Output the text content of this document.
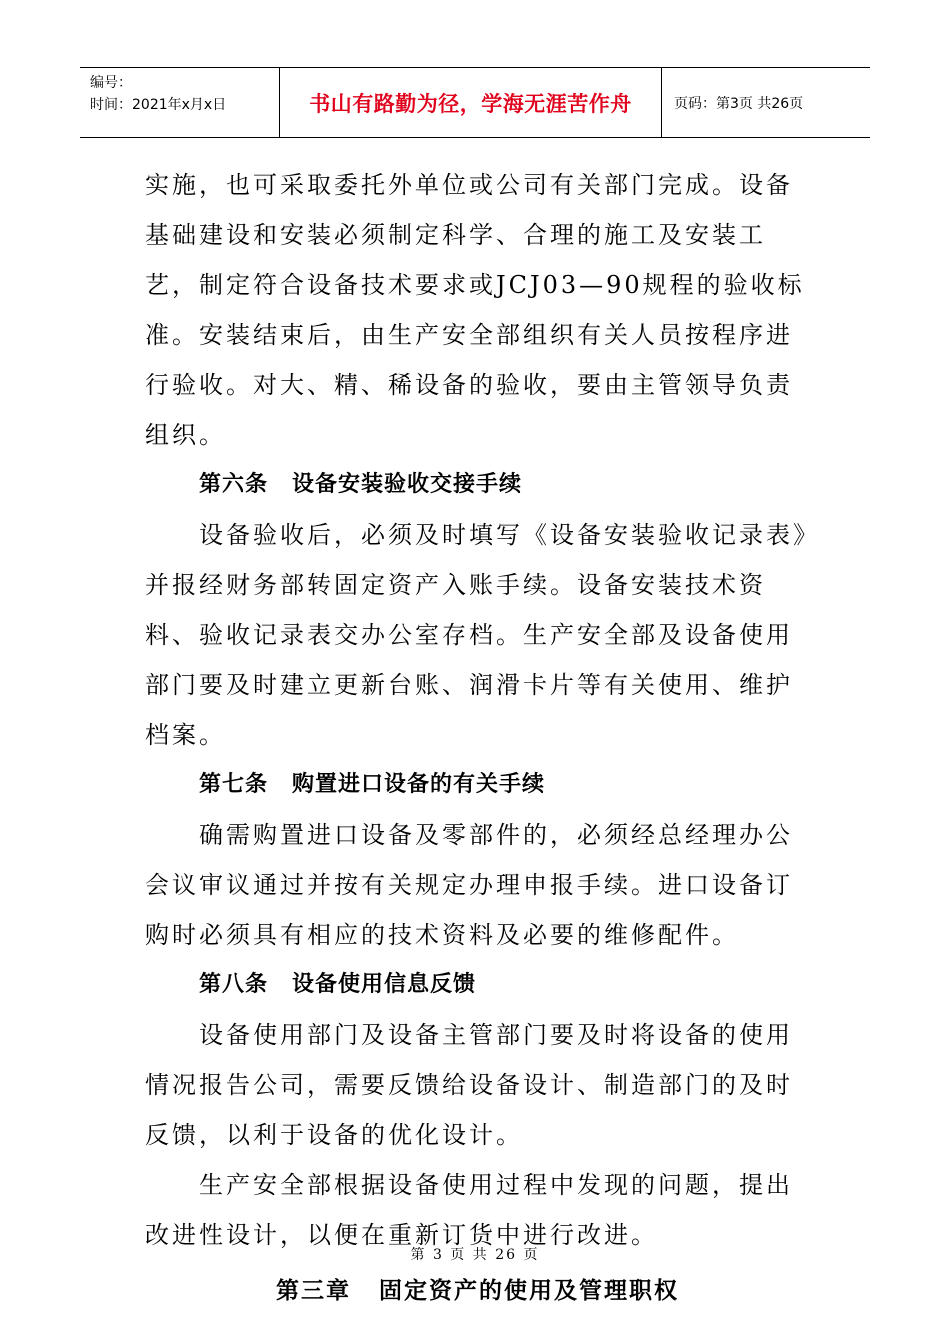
编号：
时间：2021年x月x日	书山有路勤为径，学海无涯苦作舟	页码：第3页 共26页

实施，也可采取委托外单位或公司有关部门完成。设备基础建设和安装必须制定科学、合理的施工及安装工艺，制定符合设备技术要求或JCJ03—90规程的验收标准。安装结束后，由生产安全部组织有关人员按程序进行验收。对大、精、稀设备的验收，要由主管领导负责组织。

第六条 设备安装验收交接手续

设备验收后，必须及时填写《设备安装验收记录表》并报经财务部转固定资产入账手续。设备安装技术资料、验收记录表交办公室存档。生产安全部及设备使用部门要及时建立更新台账、润滑卡片等有关使用、维护档案。

第七条 购置进口设备的有关手续

确需购置进口设备及零部件的，必须经总经理办公会议审议通过并按有关规定办理申报手续。进口设备订购时必须具有相应的技术资料及必要的维修配件。

第八条 设备使用信息反馈

设备使用部门及设备主管部门要及时将设备的使用情况报告公司，需要反馈给设备设计、制造部门的及时反馈，以利于设备的优化设计。

生产安全部根据设备使用过程中发现的问题，提出改进性设计，以便在重新订货中进行改进。

第三章 固定资产的使用及管理职权

第 3 页 共 26 页
